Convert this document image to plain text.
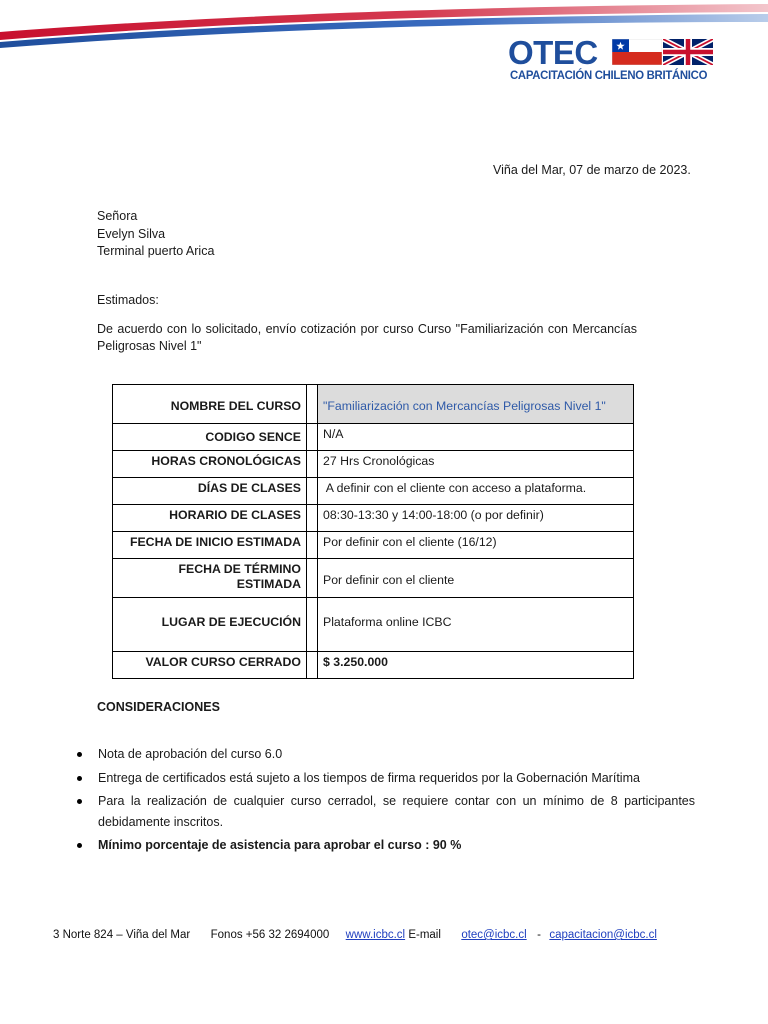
OTEC
CAPACITACIÓN CHILENO BRITÁNICO
Viña del Mar, 07 de marzo de 2023.
Señora
Evelyn Silva
Terminal puerto Arica
Estimados:
De acuerdo con lo solicitado, envío cotización por curso Curso "Familiarización con Mercancías Peligrosas Nivel 1"
NOMBRE DEL CURSO		"Familiarización con Mercancías Peligrosas Nivel 1"
CODIGO SENCE		N/A
HORAS CRONOLÓGICAS		27 Hrs Cronológicas
DÍAS DE CLASES		A definir con el cliente con acceso a plataforma.
HORARIO DE CLASES		08:30-13:30 y 14:00-18:00 (o por definir)
FECHA DE INICIO ESTIMADA		Por definir con el cliente (16/12)
FECHA DE TÉRMINO ESTIMADA		Por definir con el cliente
LUGAR DE EJECUCIÓN		Plataforma online ICBC
VALOR CURSO CERRADO		$ 3.250.000
CONSIDERACIONES
Nota de aprobación del curso 6.0
Entrega de certificados está sujeto a los tiempos de firma requeridos por la Gobernación Marítima
Para la realización de cualquier curso cerradol, se requiere contar con un mínimo de 8 participantes debidamente inscritos.
Mínimo porcentaje de asistencia para aprobar el curso : 90 %
3 Norte 824 – Viña del Mar Fonos +56 32 2694000 www.icbc.cl E-mail otec@icbc.cl - capacitacion@icbc.cl
